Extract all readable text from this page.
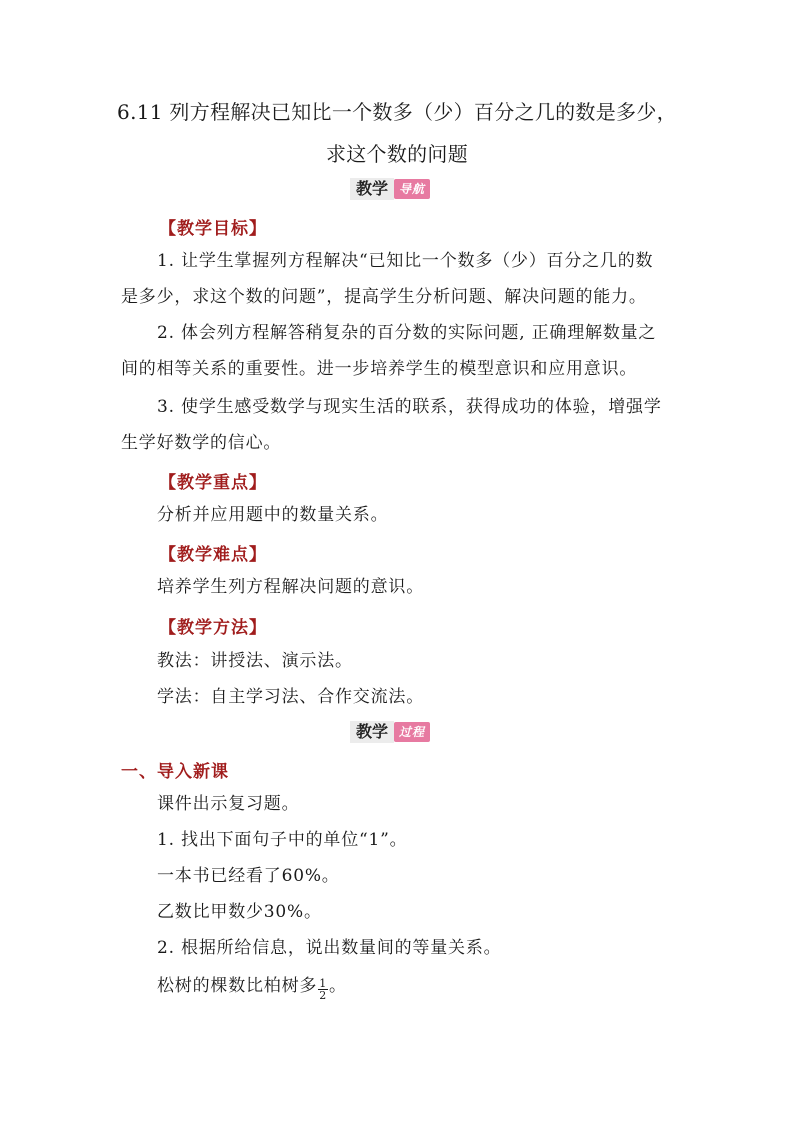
6.11 列方程解决已知比一个数多（少）百分之几的数是多少，
求这个数的问题
教学 导航
【教学目标】
1. 让学生掌握列方程解决“已知比一个数多（少）百分之几的数
是多少，求这个数的问题”，提高学生分析问题、解决问题的能力。
2. 体会列方程解答稍复杂的百分数的实际问题, 正确理解数量之
间的相等关系的重要性。进一步培养学生的模型意识和应用意识。
3. 使学生感受数学与现实生活的联系，获得成功的体验，增强学
生学好数学的信心。
【教学重点】
分析并应用题中的数量关系。
【教学难点】
培养学生列方程解决问题的意识。
【教学方法】
教法：讲授法、演示法。
学法：自主学习法、合作交流法。
教学 过程
一、导入新课
课件出示复习题。
1. 找出下面句子中的单位“1”。
一本书已经看了60%。
乙数比甲数少30%。
2. 根据所给信息，说出数量间的等量关系。
松树的棵数比柏树多 $\frac{1}{2}$ 。
